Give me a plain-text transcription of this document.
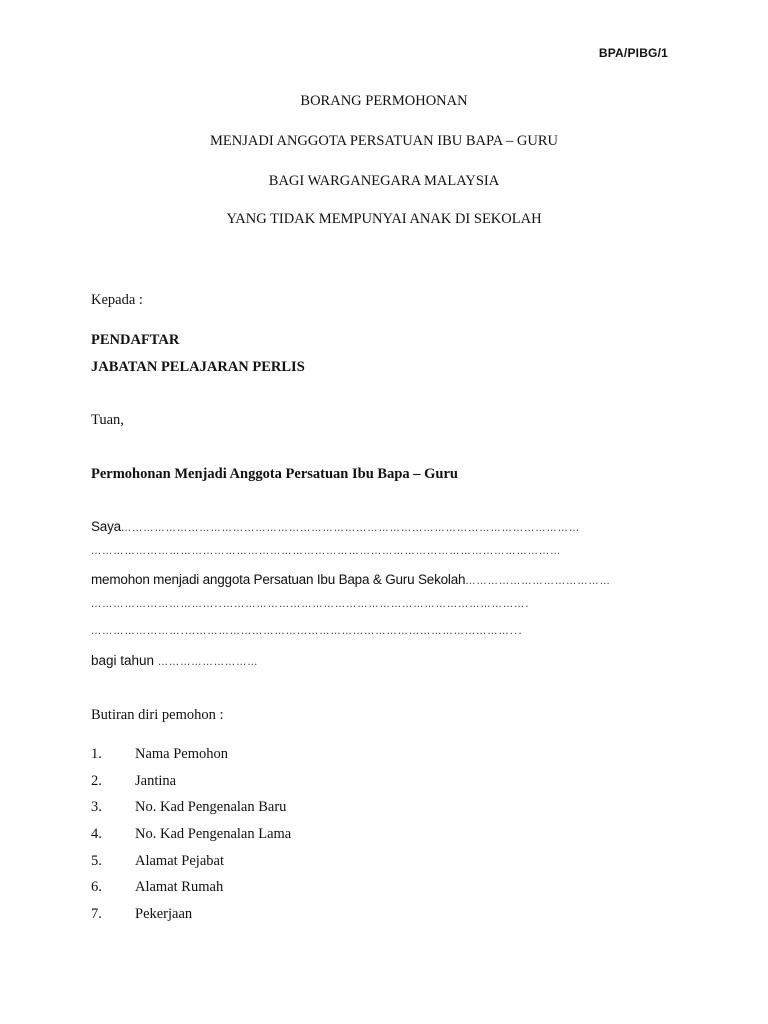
BPA/PIBG/1
BORANG PERMOHONAN
MENJADI ANGGOTA PERSATUAN IBU BAPA – GURU
BAGI WARGANEGARA MALAYSIA
YANG TIDAK MEMPUNYAI ANAK DI SEKOLAH
Kepada :
PENDAFTAR
JABATAN PELAJARAN PERLIS
Tuan,
Permohonan Menjadi Anggota Persatuan Ibu Bapa – Guru
Saya ……………………………………………………………………………………………………………
………………………………………………………………………………………………………………
memohon menjadi anggota Persatuan Ibu Bapa & Guru Sekolah …………………………………
……………………………..……………………………………………………………………….
…………………….……………………………………………………………………………...
bagi tahun ………………………
Butiran diri pemohon :
1.	Nama Pemohon
2.	Jantina
3.	No. Kad Pengenalan Baru
4.	No. Kad Pengenalan Lama
5.	Alamat Pejabat
6.	Alamat Rumah
7.	Pekerjaan
